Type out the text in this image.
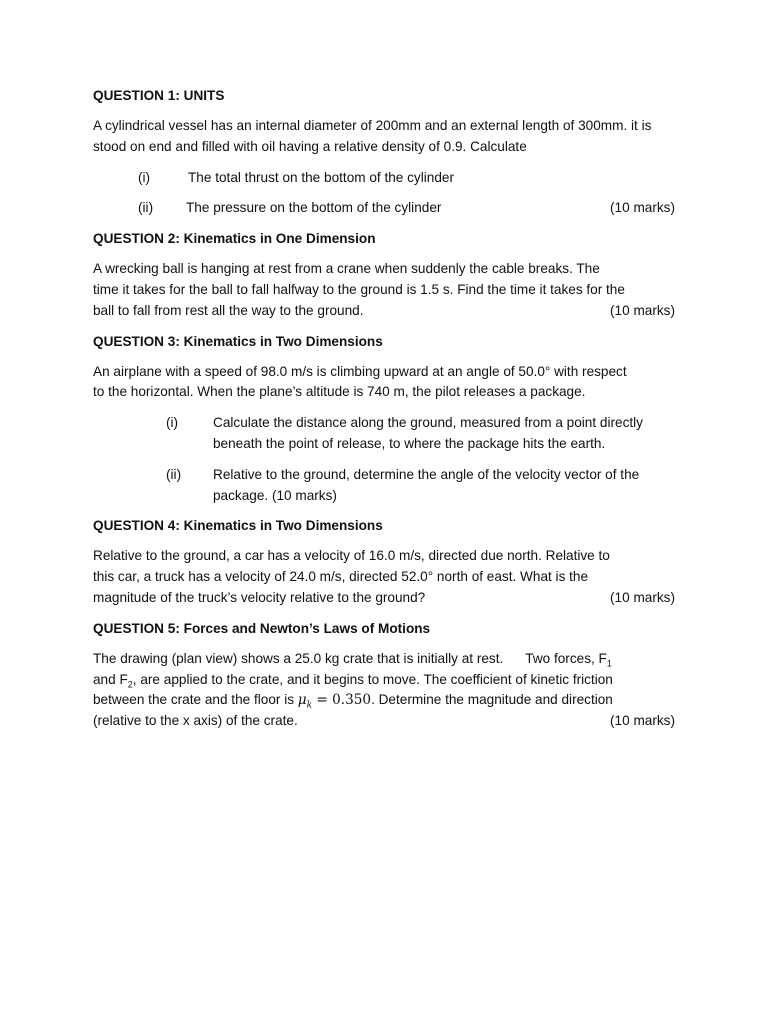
QUESTION 1: UNITS
A cylindrical vessel has an internal diameter of 200mm and an external length of 300mm. it is stood on end and filled with oil having a relative density of 0.9. Calculate
(i)	The total thrust on the bottom of the cylinder
(ii)	The pressure on the bottom of the cylinder	(10 marks)
QUESTION 2: Kinematics in One Dimension
A wrecking ball is hanging at rest from a crane when suddenly the cable breaks. The
time it takes for the ball to fall halfway to the ground is 1.5 s. Find the time it takes for the
ball to fall from rest all the way to the ground.	(10 marks)
QUESTION 3: Kinematics in Two Dimensions
An airplane with a speed of 98.0 m/s is climbing upward at an angle of 50.0° with respect to the horizontal. When the plane’s altitude is 740 m, the pilot releases a package.
(i)	Calculate the distance along the ground, measured from a point directly beneath the point of release, to where the package hits the earth.
(ii)	Relative to the ground, determine the angle of the velocity vector of the package. (10 marks)
QUESTION 4: Kinematics in Two Dimensions
Relative to the ground, a car has a velocity of 16.0 m/s, directed due north. Relative to
this car, a truck has a velocity of 24.0 m/s, directed 52.0° north of east. What is the
magnitude of the truck’s velocity relative to the ground?	(10 marks)
QUESTION 5: Forces and Newton’s Laws of Motions
The drawing (plan view) shows a 25.0 kg crate that is initially at rest. Two forces, $F_1$
and $F_2$, are applied to the crate, and it begins to move. The coefficient of kinetic friction
between the crate and the floor is $\mu_k = 0.350$. Determine the magnitude and direction
(relative to the x axis) of the crate.	(10 marks)
